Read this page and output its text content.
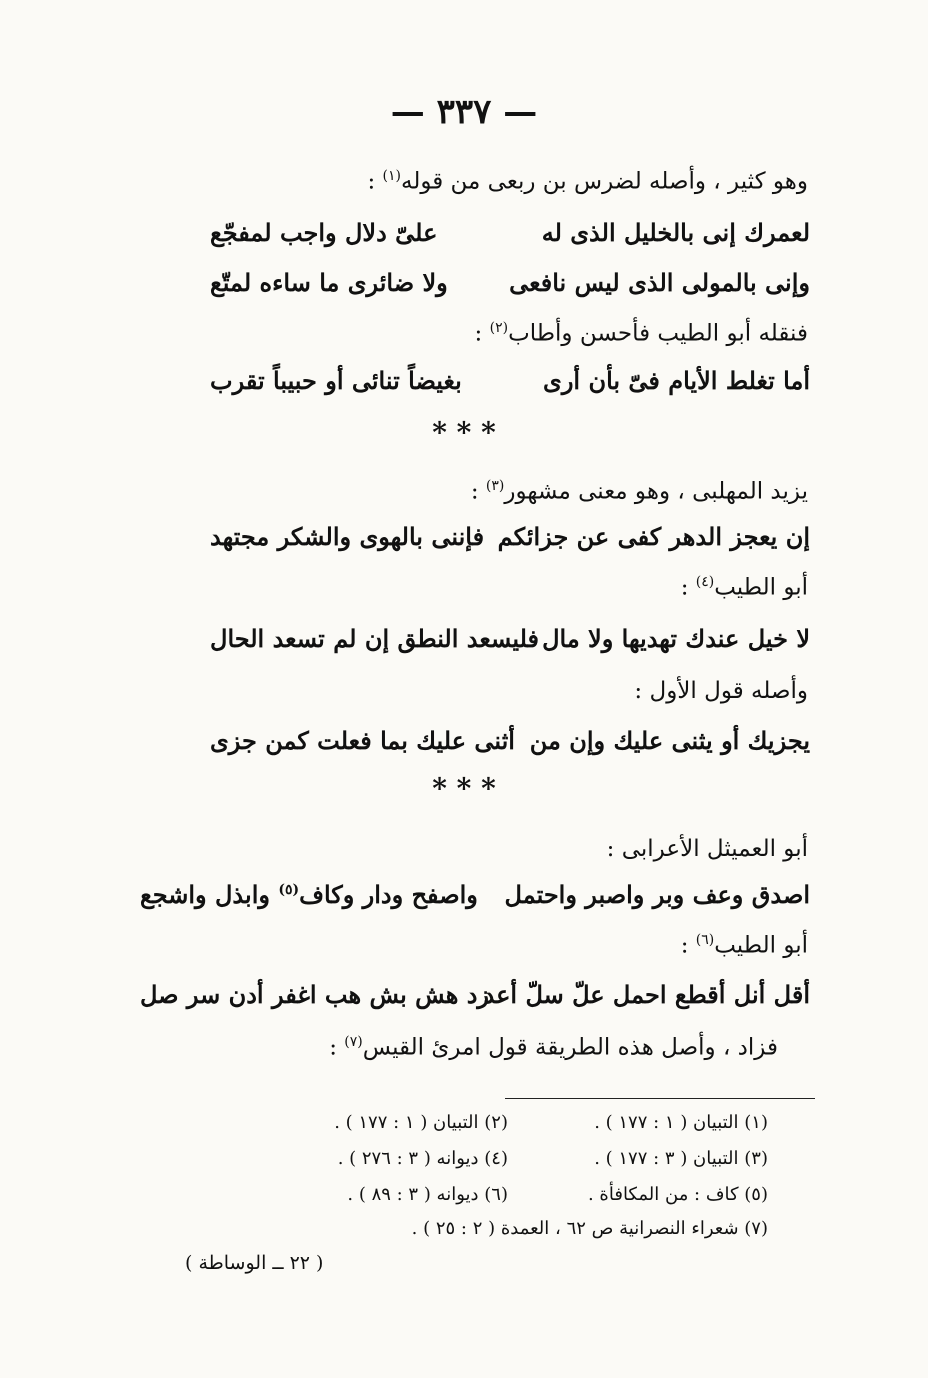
— ٣٣٧ —
وهو كثير ، وأصله لضرس بن ربعى من قوله$^{(١)}$ :
لعمرك إنى بالخليل الذى له
علىّ دلال واجب لمفجّع
وإنى بالمولى الذى ليس نافعى
ولا ضائرى ما ساءه لمتّع
فنقله أبو الطيب فأحسن وأطاب$^{(٢)}$ :
أما تغلط الأيام فىّ بأن أرى
بغيضاً تنائى أو حبيباً تقرب
* * *
يزيد المهلبى ، وهو معنى مشهور$^{(٣)}$ :
إن يعجز الدهر كفى عن جزائكم
فإننى بالهوى والشكر مجتهد
أبو الطيب$^{(٤)}$ :
لا خيل عندك تهديها ولا مال
فليسعد النطق إن لم تسعد الحال
وأصله قول الأول :
يجزيك أو يثنى عليك وإن من
أثنى عليك بما فعلت كمن جزى
* * *
أبو العميثل الأعرابى :
اصدق وعف وبر واصبر واحتمل
واصفح ودار وكاف$^{(٥)}$ وابذل واشجع
أبو الطيب$^{(٦)}$ :
أقل أنل أقطع احمل علّ سلّ أعد
زد هش بش هب اغفر أدن سر صل
فزاد ، وأصل هذه الطريقة قول امرئ القيس$^{(٧)}$ :
(١) التبيان ( ١ : ١٧٧ ) .
(٢) التبيان ( ١ : ١٧٧ ) .
(٣) التبيان ( ٣ : ١٧٧ ) .
(٤) ديوانه ( ٣ : ٢٧٦ ) .
(٥) كاف : من المكافأة .
(٦) ديوانه ( ٣ : ٨٩ ) .
(٧) شعراء النصرانية ص ٦٢ ، العمدة ( ٢ : ٢٥ ) .
( ٢٢ ــ الوساطة )
